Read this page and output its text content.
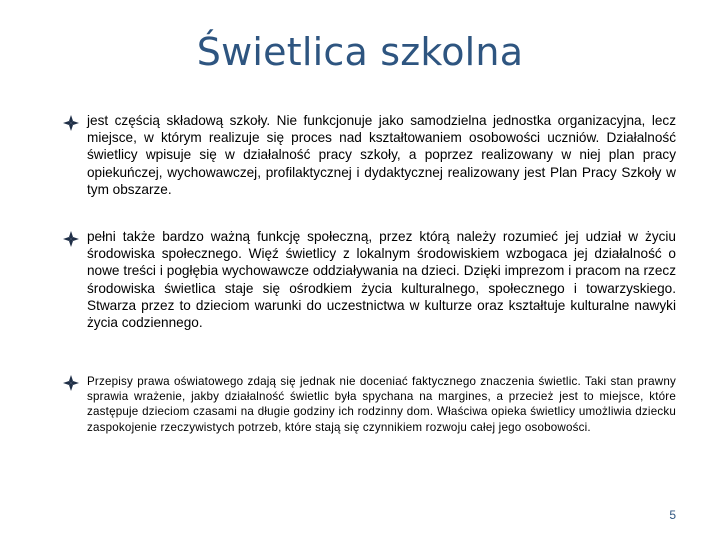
Świetlica szkolna
jest częścią składową szkoły. Nie funkcjonuje jako samodzielna jednostka organizacyjna, lecz miejsce, w którym realizuje się proces nad kształtowaniem osobowości uczniów. Działalność świetlicy wpisuje się w działalność pracy szkoły, a poprzez realizowany w niej plan pracy opiekuńczej, wychowawczej, profilaktycznej i dydaktycznej realizowany jest Plan Pracy Szkoły w tym obszarze.
pełni także bardzo ważną funkcję społeczną, przez którą należy rozumieć jej udział w życiu środowiska społecznego. Więź świetlicy z lokalnym środowiskiem wzbogaca jej działalność o nowe treści i pogłębia wychowawcze oddziaływania na dzieci. Dzięki imprezom i pracom na rzecz środowiska świetlica staje się ośrodkiem życia kulturalnego, społecznego i towarzyskiego. Stwarza przez to dzieciom warunki do uczestnictwa w kulturze oraz kształtuje kulturalne nawyki życia codziennego.
Przepisy prawa oświatowego zdają się jednak nie doceniać faktycznego znaczenia świetlic. Taki stan prawny sprawia wrażenie, jakby działalność świetlic była spychana na margines, a przecież jest to miejsce, które zastępuje dzieciom czasami na długie godziny ich rodzinny dom. Właściwa opieka świetlicy umożliwia dziecku zaspokojenie rzeczywistych potrzeb, które stają się czynnikiem rozwoju całej jego osobowości.
5
